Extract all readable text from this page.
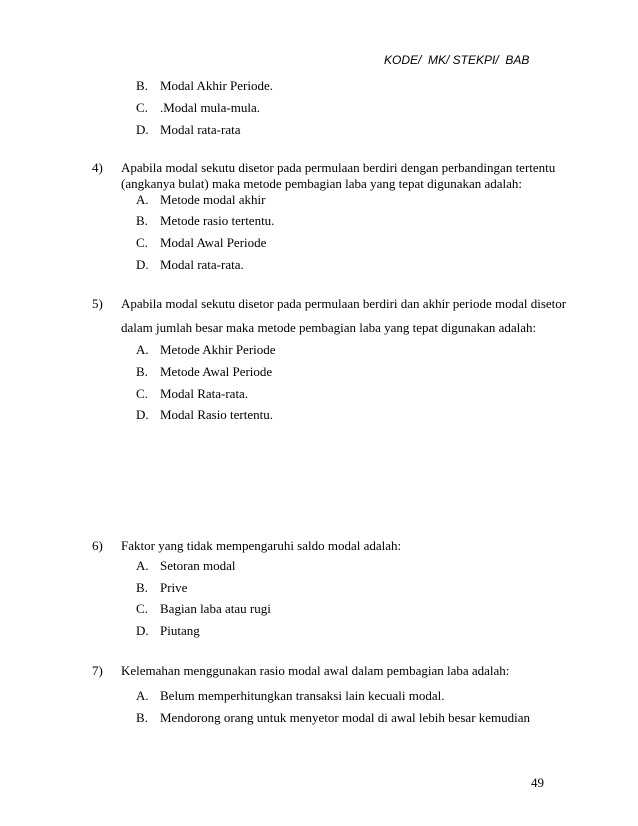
KODE/  MK/ STEKPI/  BAB
B. Modal Akhir Periode.
C. .Modal mula-mula.
D. Modal rata-rata
4) Apabila modal sekutu disetor pada permulaan berdiri dengan perbandingan tertentu
(angkanya bulat) maka metode pembagian laba yang tepat digunakan adalah:
A. Metode modal akhir
B. Metode rasio tertentu.
C. Modal Awal Periode
D. Modal rata-rata.
5) Apabila modal sekutu disetor pada permulaan berdiri dan akhir periode modal disetor
dalam jumlah besar maka metode pembagian laba yang tepat digunakan adalah:
A. Metode Akhir Periode
B. Metode Awal Periode
C. Modal Rata-rata.
D. Modal Rasio tertentu.
6) Faktor yang tidak mempengaruhi saldo modal adalah:
A. Setoran modal
B. Prive
C. Bagian laba atau rugi
D. Piutang
7) Kelemahan menggunakan rasio modal awal dalam pembagian laba adalah:
A. Belum memperhitungkan transaksi lain kecuali modal.
B. Mendorong orang untuk menyetor modal di awal lebih besar kemudian
49
